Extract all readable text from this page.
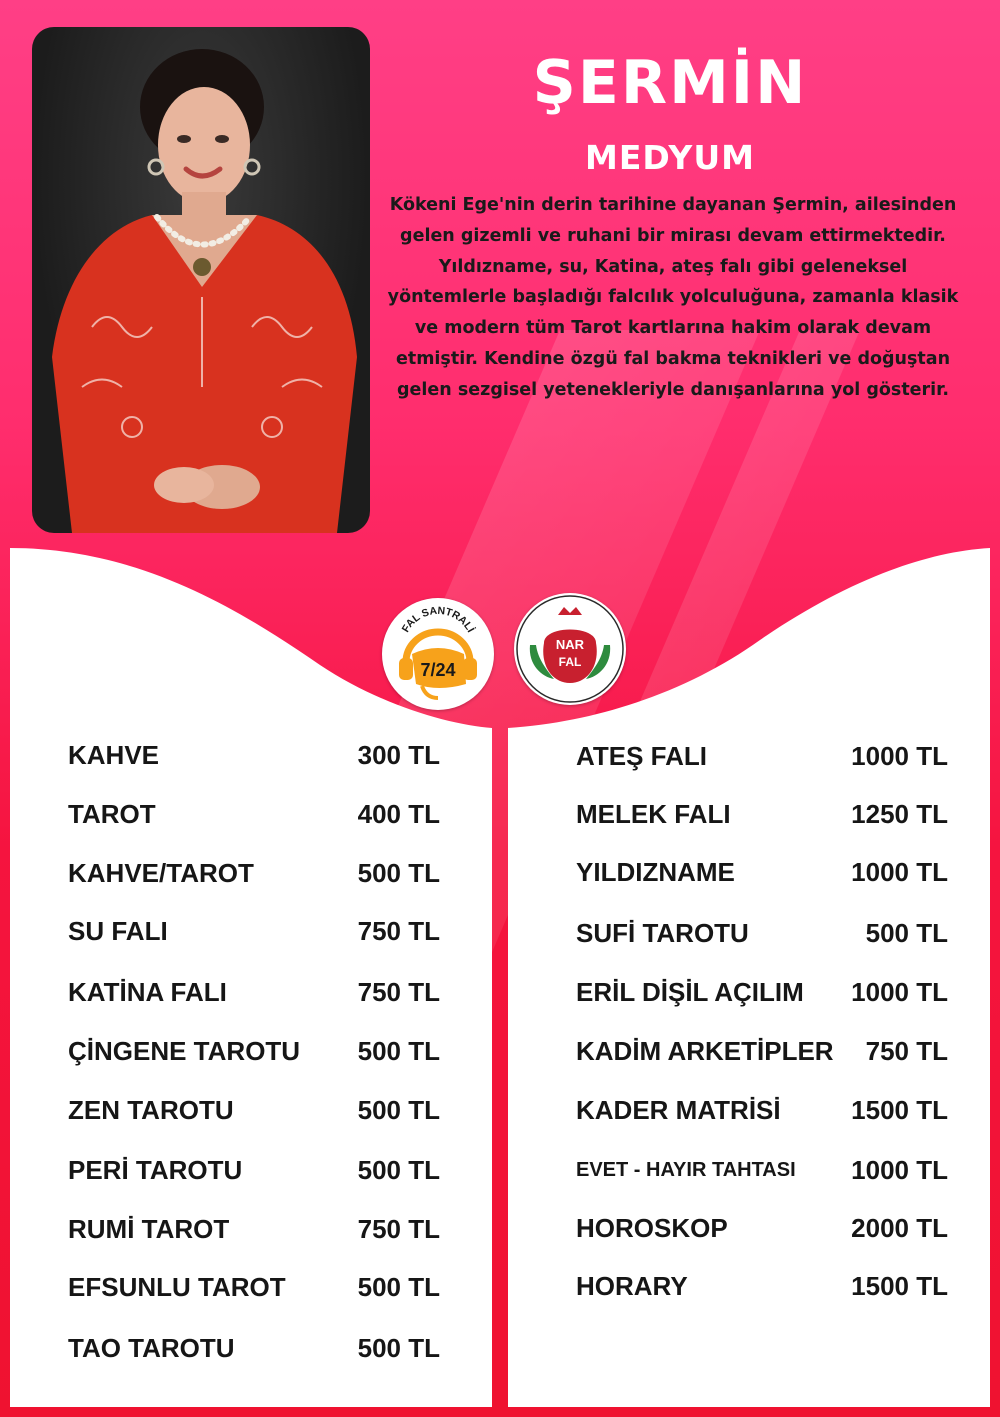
ŞERMİN
MEDYUM
Kökeni Ege'nin derin tarihine dayanan Şermin, ailesinden gelen gizemli ve ruhani bir mirası devam ettirmektedir. Yıldızname, su, Katina, ateş falı gibi geleneksel yöntemlerle başladığı falcılık yolculuğuna, zamanla klasik ve modern tüm Tarot kartlarına hakim olarak devam etmiştir. Kendine özgü fal bakma teknikleri ve doğuştan gelen sezgisel yetenekleriyle danışanlarına yol gösterir.
FAL SANTRALİ
7/24
NAR
FAL
KAHVE	300 TL
TAROT	400 TL
KAHVE/TAROT	500 TL
SU FALI	750 TL
KATİNA FALI	750 TL
ÇİNGENE TAROTU 500 TL
ZEN TAROTU	500 TL
PERİ TAROTU	500 TL
RUMİ TAROT	750 TL
EFSUNLU TAROT	500 TL
TAO TAROTU	500 TL
ATEŞ FALI	1000 TL
MELEK FALI	1250 TL
YILDIZNAME	1000 TL
SUFİ TAROTU	500 TL
ERİL DİŞİL AÇILIM 1000 TL
KADİM ARKETİPLER 750 TL
KADER MATRİSİ	1500 TL
EVET - HAYIR TAHTASI 1000 TL
HOROSKOP	2000 TL
HORARY	1500 TL
